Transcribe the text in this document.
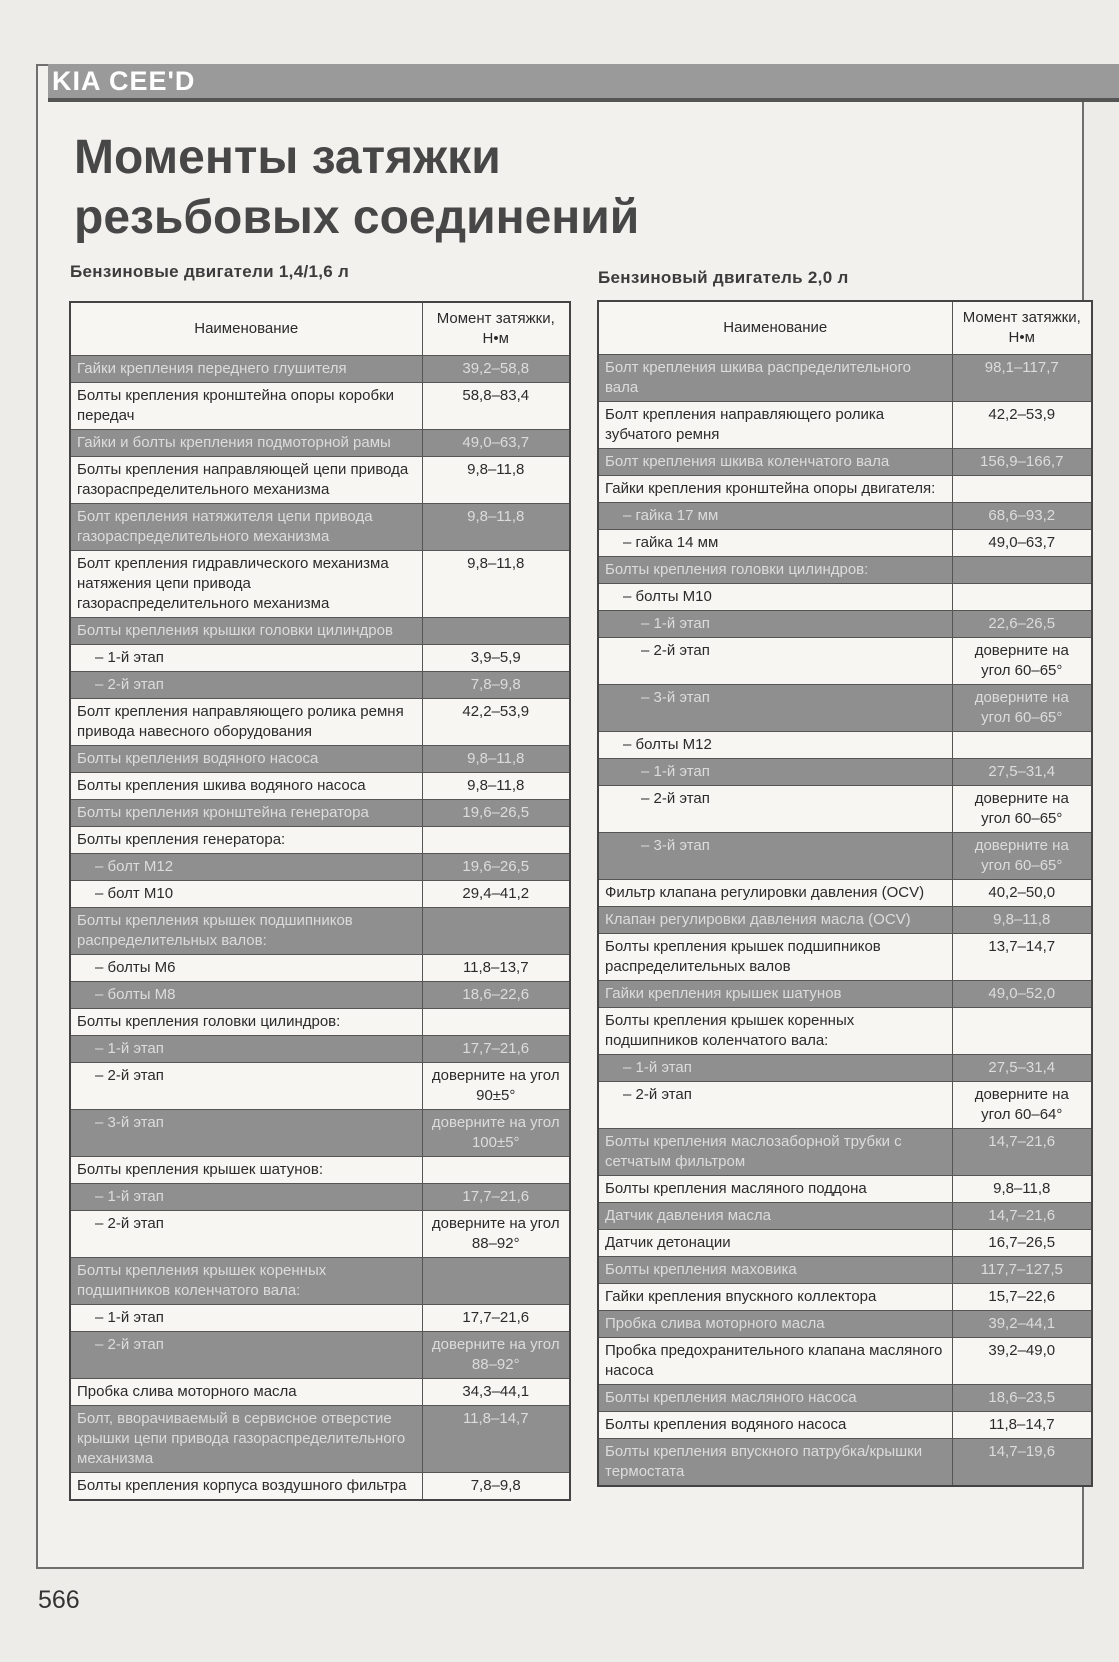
KIA CEE'D
Моменты затяжки
резьбовых соединений
Бензиновые двигатели 1,4/1,6 л	Бензиновый двигатель 2,0 л
Наименование	Момент затяжки, Н•м
Гайки крепления переднего глушителя	39,2–58,8
Болты крепления кронштейна опоры коробки передач	58,8–83,4
Гайки и болты крепления подмоторной рамы	49,0–63,7
Болты крепления направляющей цепи привода газораспределительного механизма	9,8–11,8
Болт крепления натяжителя цепи привода газораспределительного механизма	9,8–11,8
Болт крепления гидравлического механизма натяжения цепи привода газораспределительного механизма	9,8–11,8
Болты крепления крышки головки цилиндров	
– 1-й этап	3,9–5,9
– 2-й этап	7,8–9,8
Болт крепления направляющего ролика ремня привода навесного оборудования	42,2–53,9
Болты крепления водяного насоса	9,8–11,8
Болты крепления шкива водяного насоса	9,8–11,8
Болты крепления кронштейна генератора	19,6–26,5
Болты крепления генератора:	
– болт М12	19,6–26,5
– болт М10	29,4–41,2
Болты крепления крышек подшипников распределительных валов:	
– болты М6	11,8–13,7
– болты М8	18,6–22,6
Болты крепления головки цилиндров:	
– 1-й этап	17,7–21,6
– 2-й этап	доверните на угол 90±5°
– 3-й этап	доверните на угол 100±5°
Болты крепления крышек шатунов:	
– 1-й этап	17,7–21,6
– 2-й этап	доверните на угол 88–92°
Болты крепления крышек коренных подшипников коленчатого вала:	
– 1-й этап	17,7–21,6
– 2-й этап	доверните на угол 88–92°
Пробка слива моторного масла	34,3–44,1
Болт, вворачиваемый в сервисное отверстие крышки цепи привода газораспределительного механизма	11,8–14,7
Болты крепления корпуса воздушного фильтра	7,8–9,8
Наименование	Момент затяжки, Н•м
Болт крепления шкива распределительного вала	98,1–117,7
Болт крепления направляющего ролика зубчатого ремня	42,2–53,9
Болт крепления шкива коленчатого вала	156,9–166,7
Гайки крепления кронштейна опоры двигателя:	
– гайка 17 мм	68,6–93,2
– гайка 14 мм	49,0–63,7
Болты крепления головки цилиндров:	
– болты М10	
– 1-й этап	22,6–26,5
– 2-й этап	доверните на угол 60–65°
– 3-й этап	доверните на угол 60–65°
– болты М12	
– 1-й этап	27,5–31,4
– 2-й этап	доверните на угол 60–65°
– 3-й этап	доверните на угол 60–65°
Фильтр клапана регулировки давления (OCV)	40,2–50,0
Клапан регулировки давления масла (OCV)	9,8–11,8
Болты крепления крышек подшипников распределительных валов	13,7–14,7
Гайки крепления крышек шатунов	49,0–52,0
Болты крепления крышек коренных подшипников коленчатого вала:	
– 1-й этап	27,5–31,4
– 2-й этап	доверните на угол 60–64°
Болты крепления маслозаборной трубки с сетчатым фильтром	14,7–21,6
Болты крепления масляного поддона	9,8–11,8
Датчик давления масла	14,7–21,6
Датчик детонации	16,7–26,5
Болты крепления маховика	117,7–127,5
Гайки крепления впускного коллектора	15,7–22,6
Пробка слива моторного масла	39,2–44,1
Пробка предохранительного клапана масляного насоса	39,2–49,0
Болты крепления масляного насоса	18,6–23,5
Болты крепления водяного насоса	11,8–14,7
Болты крепления впускного патрубка/крышки термостата	14,7–19,6
566
